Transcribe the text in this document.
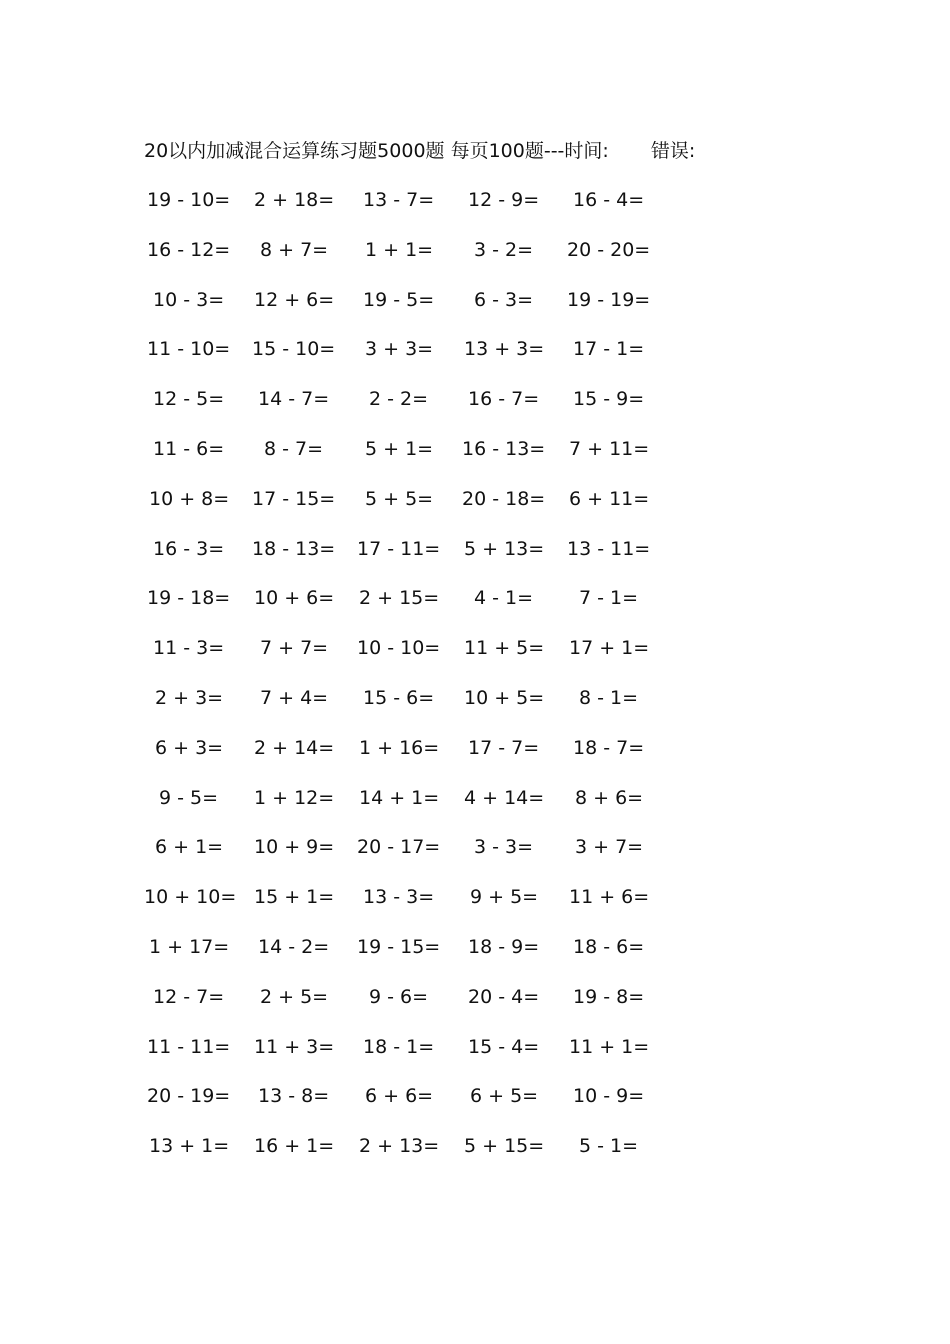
20以内加减混合运算练习题5000题 每页100题---时间: 错误:
19 - 10= 2 + 18= 13 - 7= 12 - 9= 16 - 4=
16 - 12= 8 + 7= 1 + 1= 3 - 2= 20 - 20=
10 - 3= 12 + 6= 19 - 5= 6 - 3= 19 - 19=
11 - 10= 15 - 10= 3 + 3= 13 + 3= 17 - 1=
12 - 5= 14 - 7= 2 - 2= 16 - 7= 15 - 9=
11 - 6= 8 - 7= 5 + 1= 16 - 13= 7 + 11=
10 + 8= 17 - 15= 5 + 5= 20 - 18= 6 + 11=
16 - 3= 18 - 13= 17 - 11= 5 + 13= 13 - 11=
19 - 18= 10 + 6= 2 + 15= 4 - 1= 7 - 1=
11 - 3= 7 + 7= 10 - 10= 11 + 5= 17 + 1=
2 + 3= 7 + 4= 15 - 6= 10 + 5= 8 - 1=
6 + 3= 2 + 14= 1 + 16= 17 - 7= 18 - 7=
9 - 5= 1 + 12= 14 + 1= 4 + 14= 8 + 6=
6 + 1= 10 + 9= 20 - 17= 3 - 3= 3 + 7=
10 + 10= 15 + 1= 13 - 3= 9 + 5= 11 + 6=
1 + 17= 14 - 2= 19 - 15= 18 - 9= 18 - 6=
12 - 7= 2 + 5= 9 - 6= 20 - 4= 19 - 8=
11 - 11= 11 + 3= 18 - 1= 15 - 4= 11 + 1=
20 - 19= 13 - 8= 6 + 6= 6 + 5= 10 - 9=
13 + 1= 16 + 1= 2 + 13= 5 + 15= 5 - 1=
